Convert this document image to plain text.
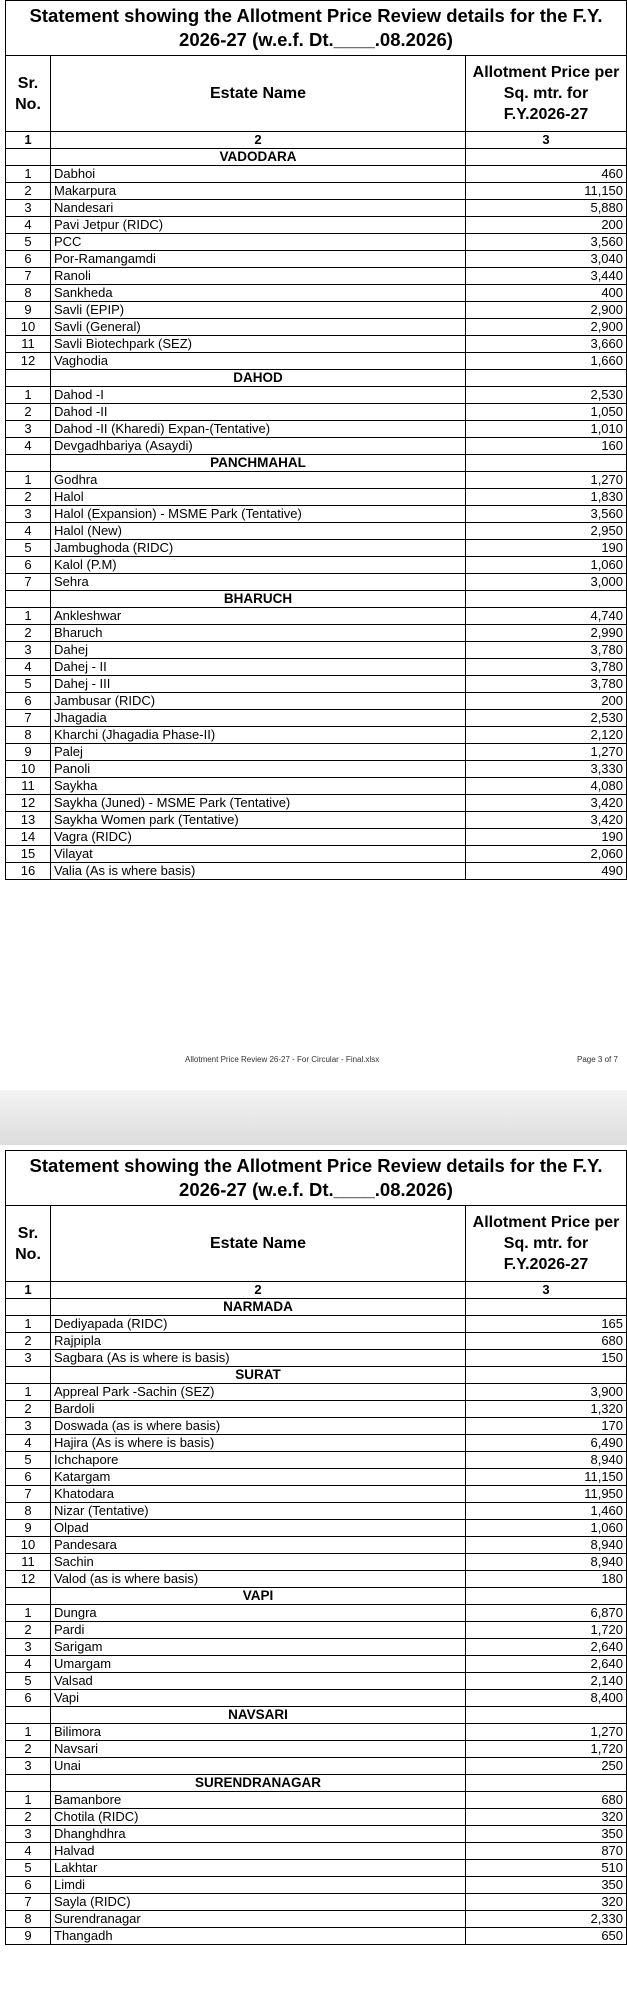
Statement showing the Allotment Price Review details for the F.Y. 2026-27 (w.e.f. Dt.____.08.2026)		
Sr. No.	Estate Name	Allotment Price per Sq. mtr. for F.Y.2026-27
1	2	3
	VADODARA	
1	Dabhoi	460
2	Makarpura	11,150
3	Nandesari	5,880
4	Pavi Jetpur (RIDC)	200
5	PCC	3,560
6	Por-Ramangamdi	3,040
7	Ranoli	3,440
8	Sankheda	400
9	Savli (EPIP)	2,900
10	Savli (General)	2,900
11	Savli Biotechpark (SEZ)	3,660
12	Vaghodia	1,660
	DAHOD	
1	Dahod -I	2,530
2	Dahod -II	1,050
3	Dahod -II (Kharedi) Expan-(Tentative)	1,010
4	Devgadhbariya (Asaydi)	160
	PANCHMAHAL	
1	Godhra	1,270
2	Halol	1,830
3	Halol (Expansion) - MSME Park (Tentative)	3,560
4	Halol (New)	2,950
5	Jambughoda (RIDC)	190
6	Kalol (P.M)	1,060
7	Sehra	3,000
	BHARUCH	
1	Ankleshwar	4,740
2	Bharuch	2,990
3	Dahej	3,780
4	Dahej - II	3,780
5	Dahej - III	3,780
6	Jambusar (RIDC)	200
7	Jhagadia	2,530
8	Kharchi (Jhagadia Phase-II)	2,120
9	Palej	1,270
10	Panoli	3,330
11	Saykha	4,080
12	Saykha (Juned) - MSME Park (Tentative)	3,420
13	Saykha Women park (Tentative)	3,420
14	Vagra (RIDC)	190
15	Vilayat	2,060
16	Valia (As is where basis)	490
Allotment Price Review 26-27 - For Circular - Final.xlsx	Page 3 of 7
Statement showing the Allotment Price Review details for the F.Y. 2026-27 (w.e.f. Dt.____.08.2026)		
Sr. No.	Estate Name	Allotment Price per Sq. mtr. for F.Y.2026-27
1	2	3
	NARMADA	
1	Dediyapada (RIDC)	165
2	Rajpipla	680
3	Sagbara (As is where is basis)	150
	SURAT	
1	Appreal Park -Sachin (SEZ)	3,900
2	Bardoli	1,320
3	Doswada (as is where basis)	170
4	Hajira (As is where is basis)	6,490
5	Ichchapore	8,940
6	Katargam	11,150
7	Khatodara	11,950
8	Nizar (Tentative)	1,460
9	Olpad	1,060
10	Pandesara	8,940
11	Sachin	8,940
12	Valod (as is where basis)	180
	VAPI	
1	Dungra	6,870
2	Pardi	1,720
3	Sarigam	2,640
4	Umargam	2,640
5	Valsad	2,140
6	Vapi	8,400
	NAVSARI	
1	Bilimora	1,270
2	Navsari	1,720
3	Unai	250
	SURENDRANAGAR	
1	Bamanbore	680
2	Chotila (RIDC)	320
3	Dhanghdhra	350
4	Halvad	870
5	Lakhtar	510
6	Limdi	350
7	Sayla (RIDC)	320
8	Surendranagar	2,330
9	Thangadh	650
